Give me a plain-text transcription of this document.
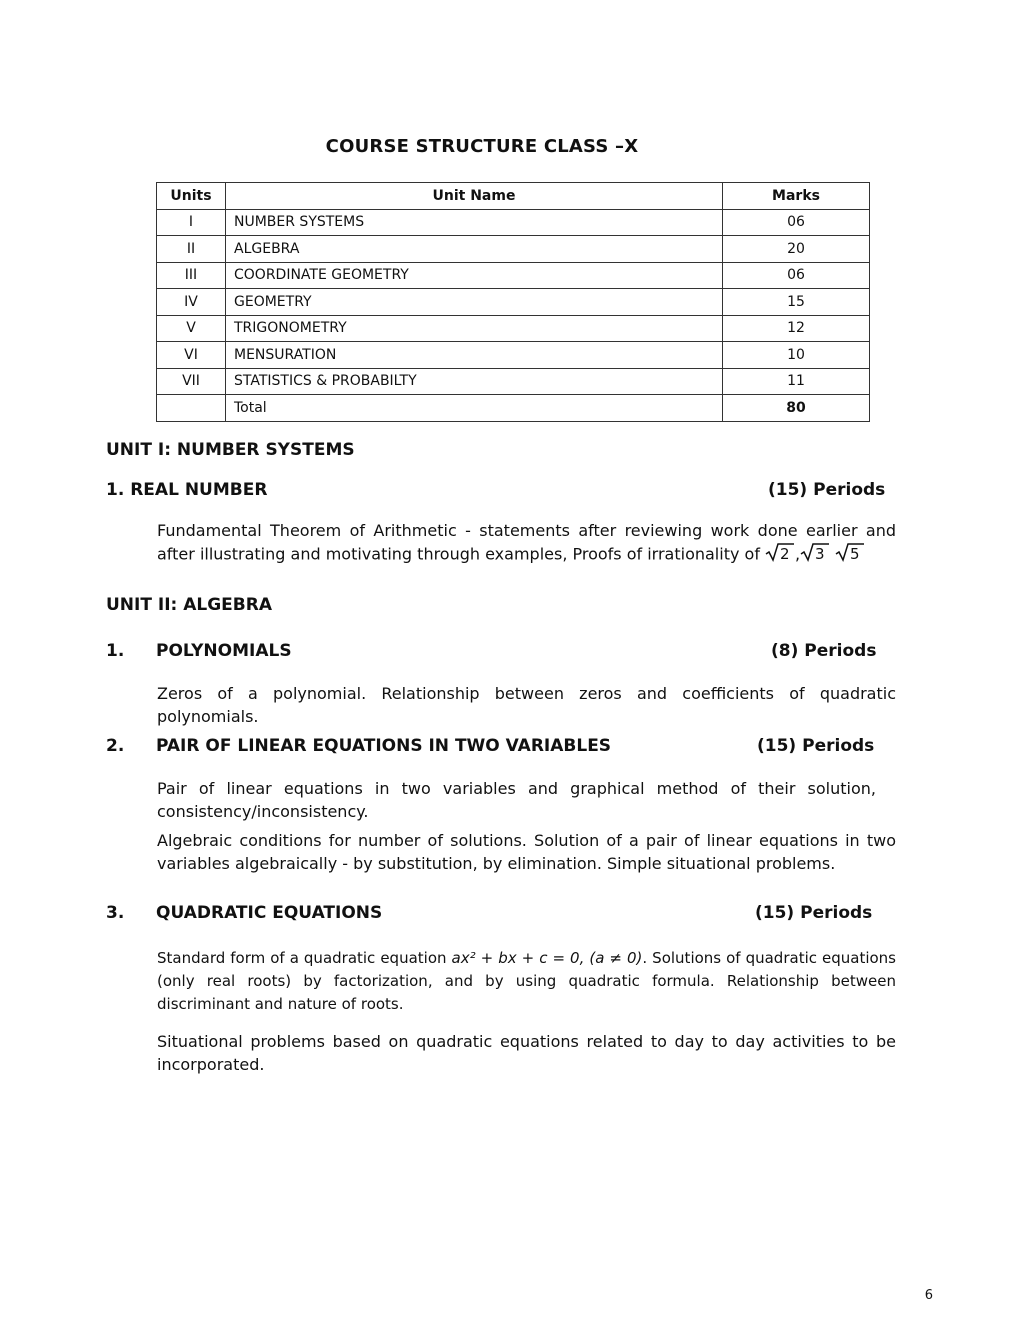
COURSE STRUCTURE CLASS –X
Units	Unit Name	Marks
I	NUMBER SYSTEMS	06
II	ALGEBRA	20
III	COORDINATE GEOMETRY	06
IV	GEOMETRY	15
V	TRIGONOMETRY	12
VI	MENSURATION	10
VII	STATISTICS & PROBABILTY	11
	Total	80
UNIT I: NUMBER SYSTEMS
1. REAL NUMBER	(15) Periods
Fundamental Theorem of Arithmetic - statements after reviewing work done earlier and after illustrating and motivating through examples, Proofs of irrationality of 2 , 3
5
UNIT II: ALGEBRA
1. POLYNOMIALS	(8) Periods
Zeros of a polynomial. Relationship between zeros and coefficients of quadratic polynomials.
2. PAIR OF LINEAR EQUATIONS IN TWO VARIABLES	(15) Periods
Pair of linear equations in two variables and graphical method of their solution, consistency/inconsistency.
Algebraic conditions for number of solutions. Solution of a pair of linear equations in two variables algebraically - by substitution, by elimination. Simple situational problems.
3. QUADRATIC EQUATIONS	(15) Periods
Standard form of a quadratic equation ax² + bx + c = 0, (a ≠ 0). Solutions of quadratic equations (only real roots) by factorization, and by using quadratic formula. Relationship between discriminant and nature of roots.
Situational problems based on quadratic equations related to day to day activities to be incorporated.
6
